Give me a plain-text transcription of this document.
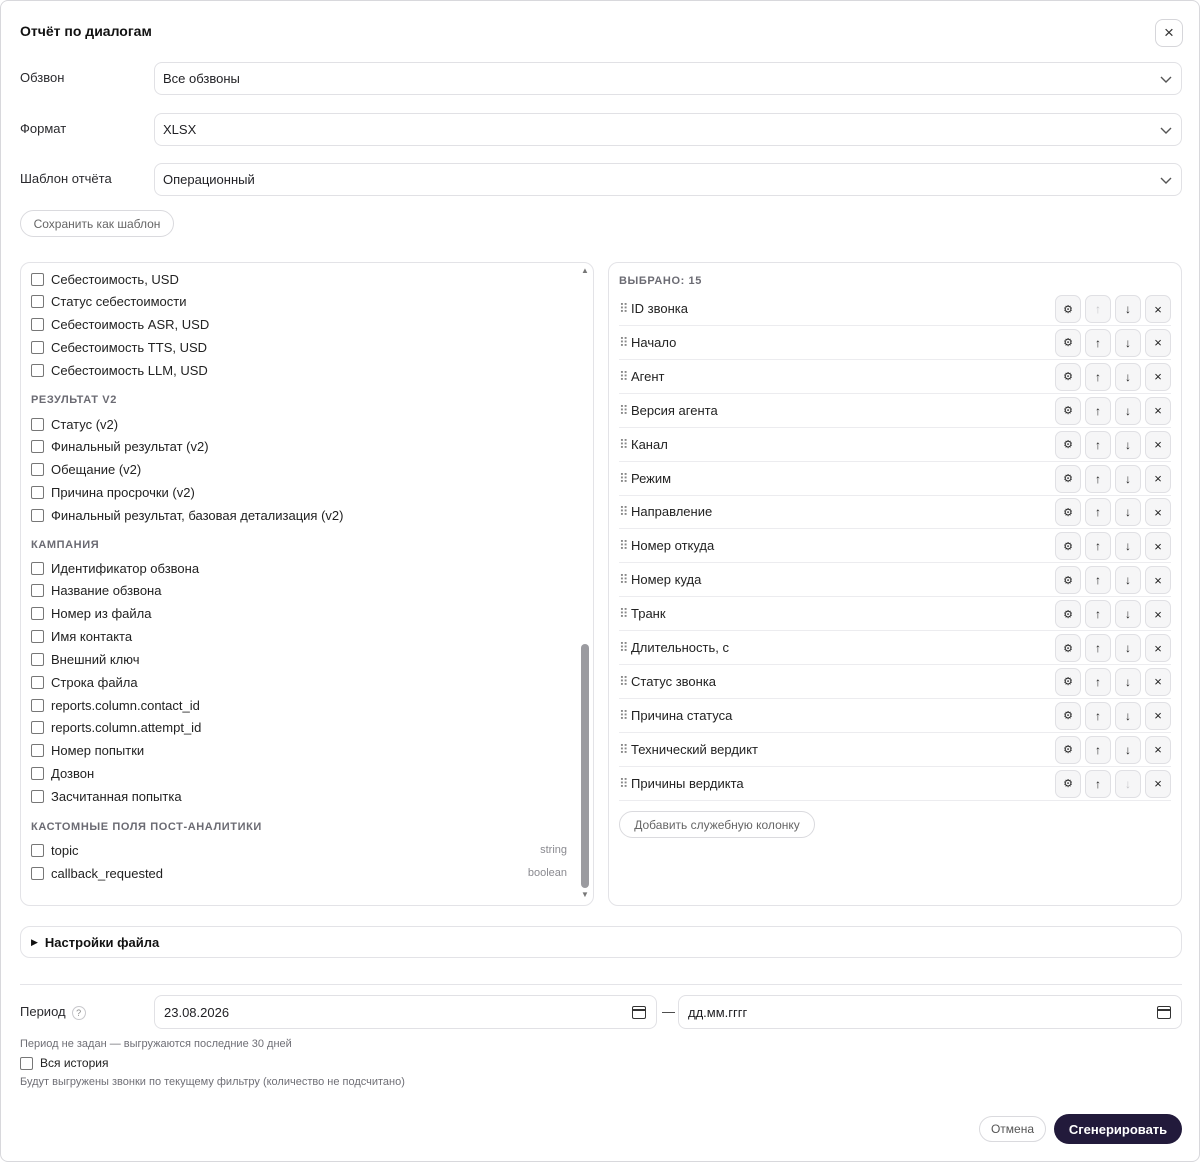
Отчёт по диалогам	×
Обзвон	Все обзвоны
Формат	XLSX
Шаблон отчёта	Операционный
Сохранить как шаблон
Себестоимость, USD
Статус себестоимости
Себестоимость ASR, USD
Себестоимость TTS, USD
Себестоимость LLM, USD
РЕЗУЛЬТАТ V2
Статус (v2)
Финальный результат (v2)
Обещание (v2)
Причина просрочки (v2)
Финальный результат, базовая детализация (v2)
КАМПАНИЯ
Идентификатор обзвона
Название обзвона
Номер из файла
Имя контакта
Внешний ключ
Строка файла
reports.column.contact_id
reports.column.attempt_id
Номер попытки
Дозвон
Засчитанная попытка
КАСТОМНЫЕ ПОЛЯ ПОСТ-АНАЛИТИКИ
topic	string
callback_requested	boolean
▲
▼
ВЫБРАНО: 15
⠿ ID звонка	⚙	↑	↓	×
⠿ Начало	⚙	↑	↓	×
⠿ Агент	⚙	↑	↓	×
⠿ Версия агента	⚙	↑	↓	×
⠿ Канал	⚙	↑	↓	×
⠿ Режим	⚙	↑	↓	×
⠿ Направление	⚙	↑	↓	×
⠿ Номер откуда	⚙	↑	↓	×
⠿ Номер куда	⚙	↑	↓	×
⠿ Транк	⚙	↑	↓	×
⠿ Длительность, с	⚙	↑	↓	×
⠿ Статус звонка	⚙	↑	↓	×
⠿ Причина статуса	⚙	↑	↓	×
⠿ Технический вердикт	⚙	↑	↓	×
⠿ Причины вердикта	⚙	↑	↓	×
Добавить служебную колонку
▶ Настройки файла
Период ?	23.08.2026	— дд.мм.гггг
Период не задан — выгружаются последние 30 дней
Вся история
Будут выгружены звонки по текущему фильтру (количество не подсчитано)
Отмена	Сгенерировать
